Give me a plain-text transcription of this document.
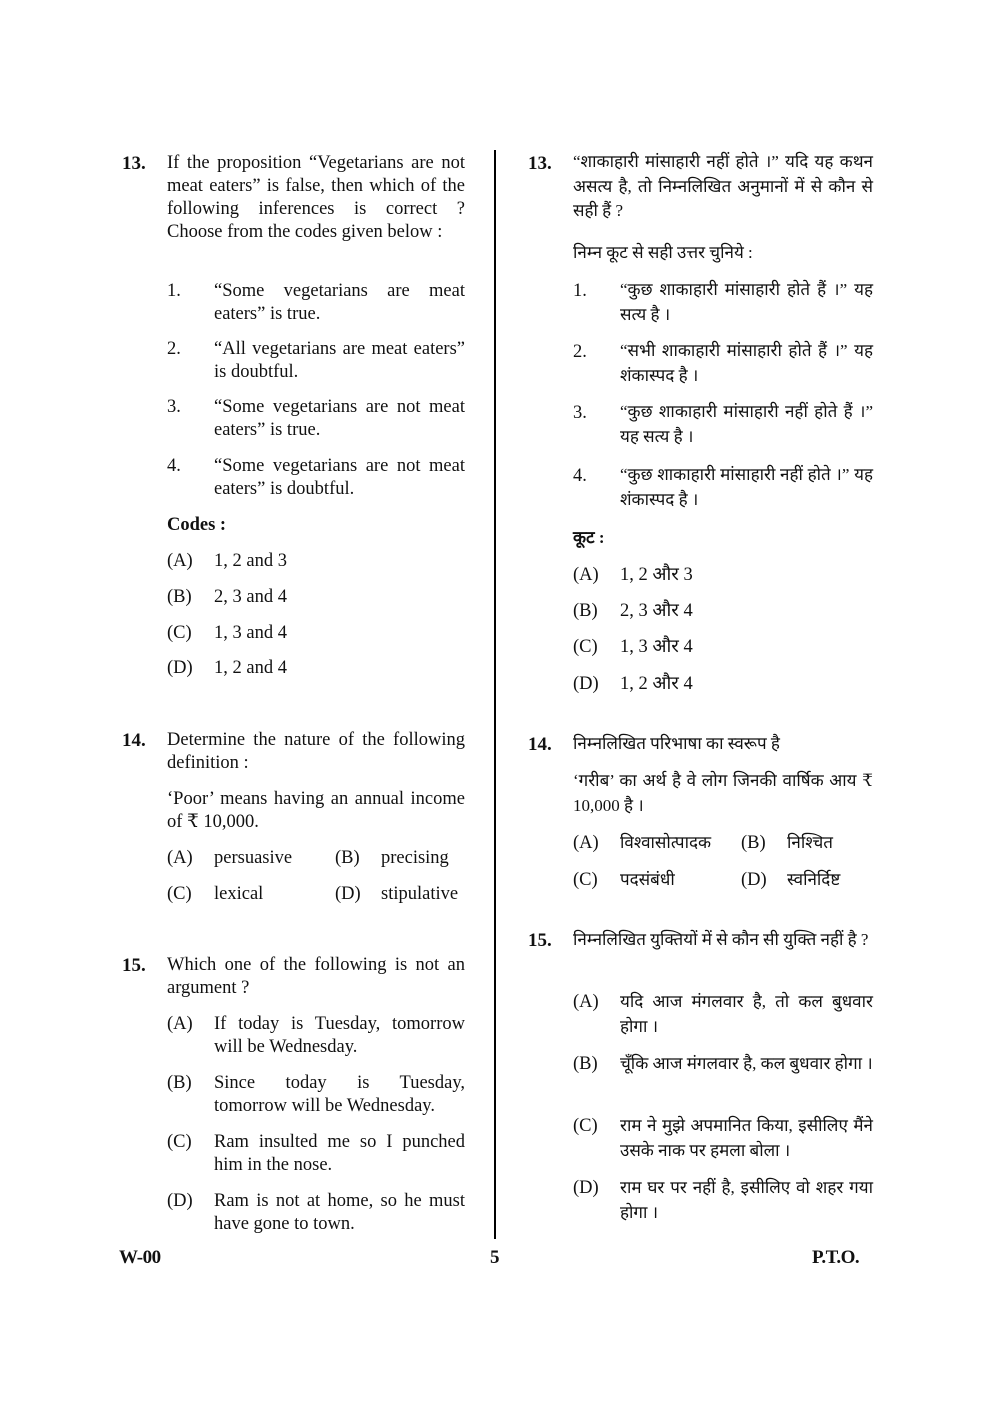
13. If the proposition “Vegetarians are not meat eaters” is false, then which of the following inferences is correct ? Choose from the codes given below :
1. “Some vegetarians are meat eaters” is true.
2. “All vegetarians are meat eaters” is doubtful.
3. “Some vegetarians are not meat eaters” is true.
4. “Some vegetarians are not meat eaters” is doubtful.
Codes :
(A) 1, 2 and 3
(B) 2, 3 and 4
(C) 1, 3 and 4
(D) 1, 2 and 4
14. Determine the nature of the following definition :
‘Poor’ means having an annual income of ₹ 10,000.
(A) persuasive (B) precising
(C) lexical	(D) stipulative
15. Which one of the following is not an argument ?
(A) If today is Tuesday, tomorrow will be Wednesday.
(B) Since today is Tuesday, tomorrow will be Wednesday.
(C) Ram insulted me so I punched him in the nose.
(D) Ram is not at home, so he must have gone to town.
13. “शाकाहारी मांसाहारी नहीं होते ।” यदि यह कथन असत्य है, तो निम्नलिखित अनुमानों में से कौन से सही हैं ?
निम्न कूट से सही उत्तर चुनिये :
1. “कुछ शाकाहारी मांसाहारी होते हैं ।” यह सत्य है ।
2. “सभी शाकाहारी मांसाहारी होते हैं ।” यह शंकास्पद है ।
3. “कुछ शाकाहारी मांसाहारी नहीं होते हैं ।” यह सत्य है ।
4. “कुछ शाकाहारी मांसाहारी नहीं होते ।” यह शंकास्पद है ।
कूट :
(A) 1, 2 और 3
(B) 2, 3 और 4
(C) 1, 3 और 4
(D) 1, 2 और 4
14. निम्नलिखित परिभाषा का स्वरूप है
‘गरीब’ का अर्थ है वे लोग जिनकी वार्षिक आय ₹ 10,000 है ।
(A) विश्वासोत्पादक (B) निश्चित
(C) पदसंबंधी	(D) स्वनिर्दिष्ट
15. निम्नलिखित युक्तियों में से कौन सी युक्ति नहीं है ?
(A) यदि आज मंगलवार है, तो कल बुधवार होगा ।
(B) चूँकि आज मंगलवार है, कल बुधवार होगा ।
(C) राम ने मुझे अपमानित किया, इसीलिए मैंने उसके नाक पर हमला बोला ।
(D) राम घर पर नहीं है, इसीलिए वो शहर गया होगा ।
W-00	5	P.T.O.
